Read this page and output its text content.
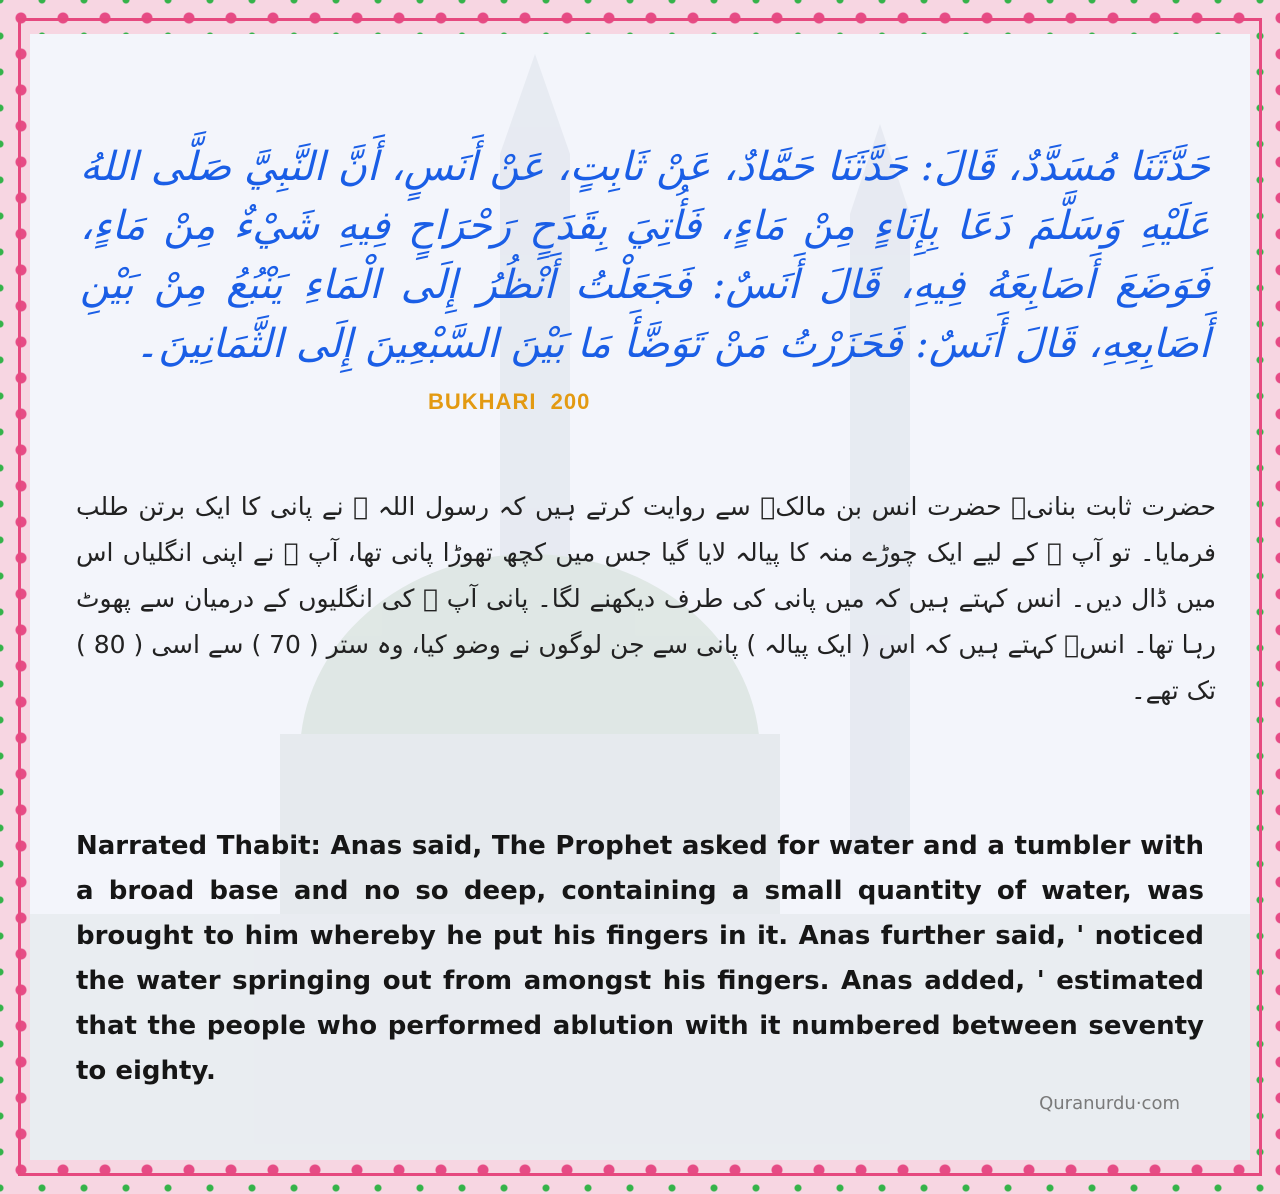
حَدَّثَنَا مُسَدَّدٌ، قَالَ: حَدَّثَنَا حَمَّادٌ، عَنْ ثَابِتٍ، عَنْ أَنَسٍ، أَنَّ النَّبِيَّ صَلَّى اللهُ عَلَيْهِ وَسَلَّمَ دَعَا بِإِنَاءٍ مِنْ مَاءٍ، فَأُتِيَ بِقَدَحٍ رَحْرَاحٍ فِيهِ شَيْءٌ مِنْ مَاءٍ، فَوَضَعَ أَصَابِعَهُ فِيهِ، قَالَ أَنَسٌ: فَجَعَلْتُ أَنْظُرُ إِلَى الْمَاءِ يَنْبُعُ مِنْ بَيْنِ أَصَابِعِهِ، قَالَ أَنَسٌ: فَحَزَرْتُ مَنْ تَوَضَّأَ مَا بَيْنَ السَّبْعِينَ إِلَى الثَّمَانِينَ۔
BUKHARI  200
حضرت ثابت بنانیؒ حضرت انس بن مالکؓ سے روایت کرتے ہیں کہ رسول اللہ ﷺ نے پانی کا ایک برتن طلب فرمایا۔ تو آپ ﷺ کے لیے ایک چوڑے منہ کا پیالہ لایا گیا جس میں کچھ تھوڑا پانی تھا، آپ ﷺ نے اپنی انگلیاں اس میں ڈال دیں۔ انس کہتے ہیں کہ میں پانی کی طرف دیکھنے لگا۔ پانی آپ ﷺ کی انگلیوں کے درمیان سے پھوٹ رہا تھا۔ انسؓ کہتے ہیں کہ اس ( ایک پیالہ ) پانی سے جن لوگوں نے وضو کیا، وہ ستر ( 70 ) سے اسی ( 80 ) تک تھے۔
Narrated Thabit: Anas said, The Prophet asked for water and a tumbler with a broad base and no so deep, containing a small quantity of water, was brought to him whereby he put his fingers in it. Anas further said, ' noticed the water springing out from amongst his fingers. Anas added, ' estimated that the people who performed ablution with it numbered between seventy to eighty.
Quranurdu·com
